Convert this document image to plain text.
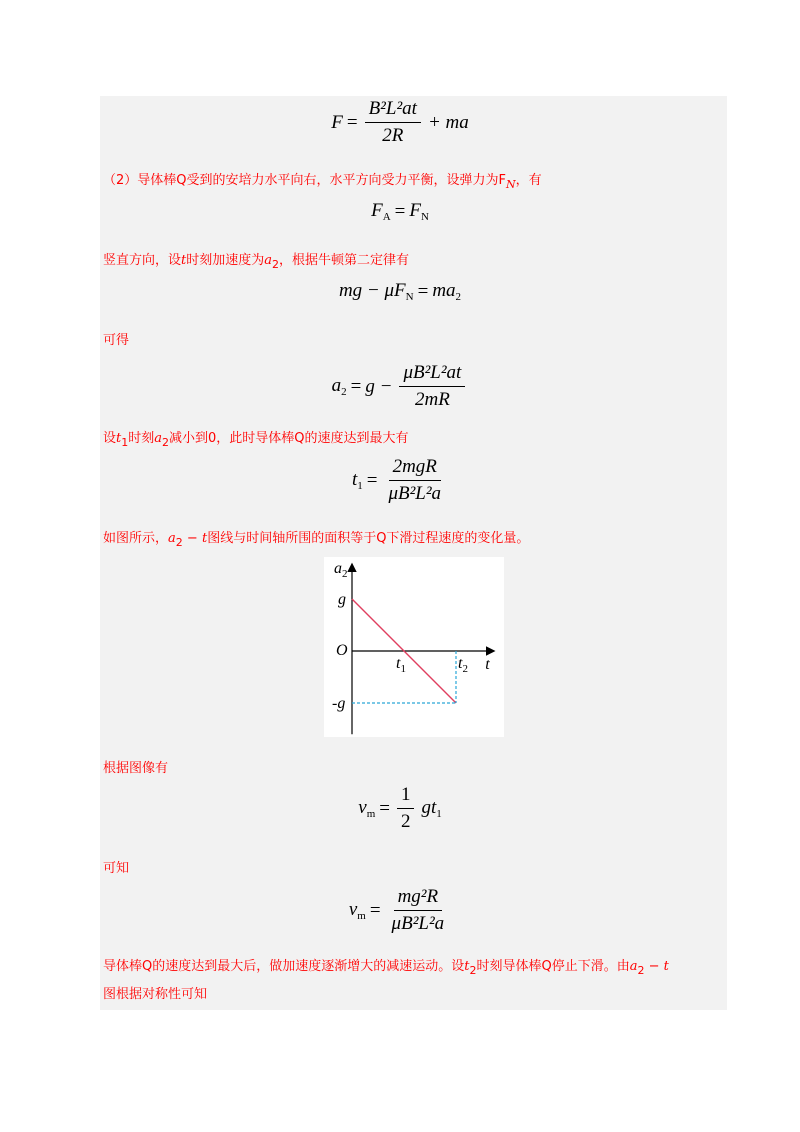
$F = \frac{\text{B²L²at}}{2R}$ + ma
（2）导体棒Q受到的安培力水平向右，水平方向受力平衡，设弹力为$F_N$，有
$F_A = F_N$
竖直方向，设t时刻加速度为$a_2$，根据牛顿第二定律有
mg − $\mu F_N = ma_2$
可得
$a_2 = g - \frac{\text{μB²L²at}}{2mR}$
设$t_1$时刻$a_2$减小到0，此时导体棒Q的速度达到最大有
$t_1 = \frac{\text{2mgR}}{\text{μB²L²a}}$
如图所示，$a_2 - t$图线与时间轴所围的面积等于Q下滑过程速度的变化量。
$a_2$
t
g
-g
O
$t_1$	$t_2$
根据图像有
$v_m = \frac{1}{2} gt_1$
可知
$v_m = \frac{\text{mg²R}}{\text{μB²L²a}}$
导体棒Q的速度达到最大后，做加速度逐渐增大的减速运动。设$t_2$时刻导体棒Q停止下滑。由$a_2 - t$
图根据对称性可知
